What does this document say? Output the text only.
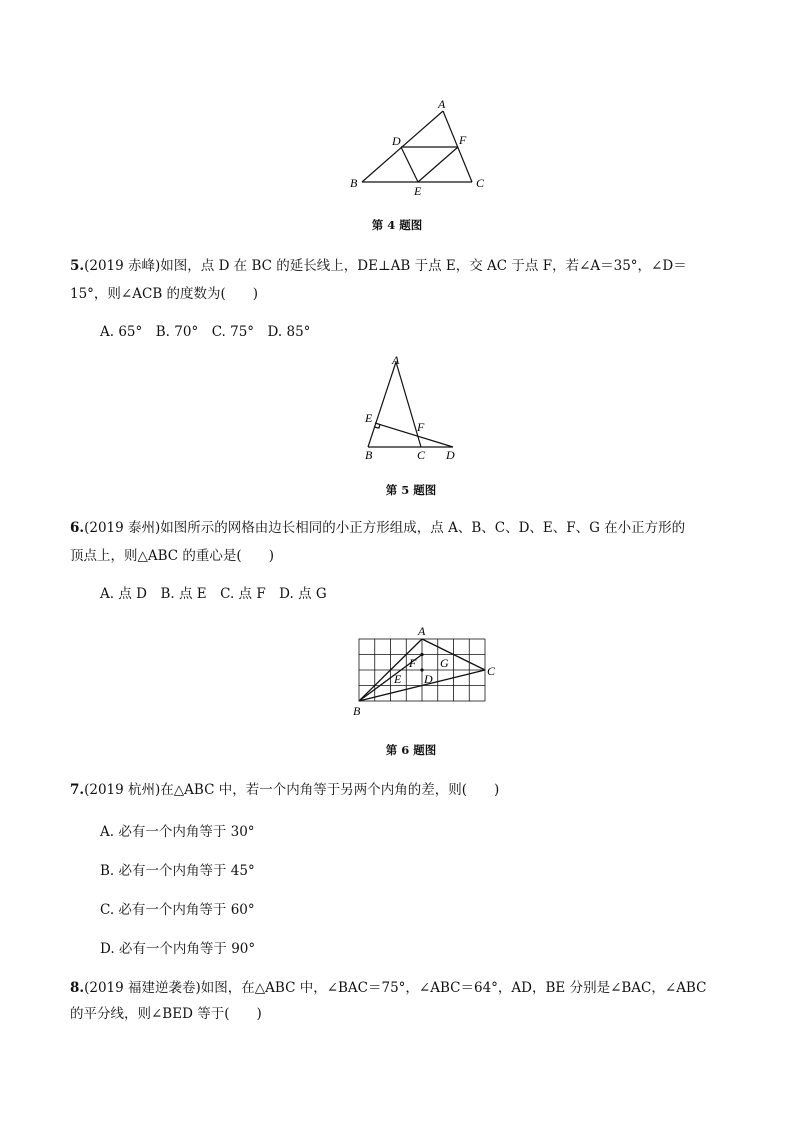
A
B	C
D
E
F
第 4 题图
5.(2019 赤峰)如图，点 D 在 BC 的延长线上，DE⊥AB 于点 E，交 AC 于点 F，若∠A＝35°，∠D＝
15°，则∠ACB 的度数为(　　)
A. 65°　B. 70°　C. 75°　D. 85°
A
B	C D
E
F
第 5 题图
6.(2019 泰州)如图所示的网格由边长相同的小正方形组成，点 A、B、C、D、E、F、G 在小正方形的
顶点上，则△ABC 的重心是(　　)
A. 点 D　B. 点 E　C. 点 F　D. 点 G
A
B
C
D
E
F G
第 6 题图
7.(2019 杭州)在△ABC 中，若一个内角等于另两个内角的差，则(　　)
A. 必有一个内角等于 30°
B. 必有一个内角等于 45°
C. 必有一个内角等于 60°
D. 必有一个内角等于 90°
8.(2019 福建逆袭卷)如图，在△ABC 中，∠BAC＝75°，∠ABC＝64°，AD，BE 分别是∠BAC，∠ABC
的平分线，则∠BED 等于(　　)
